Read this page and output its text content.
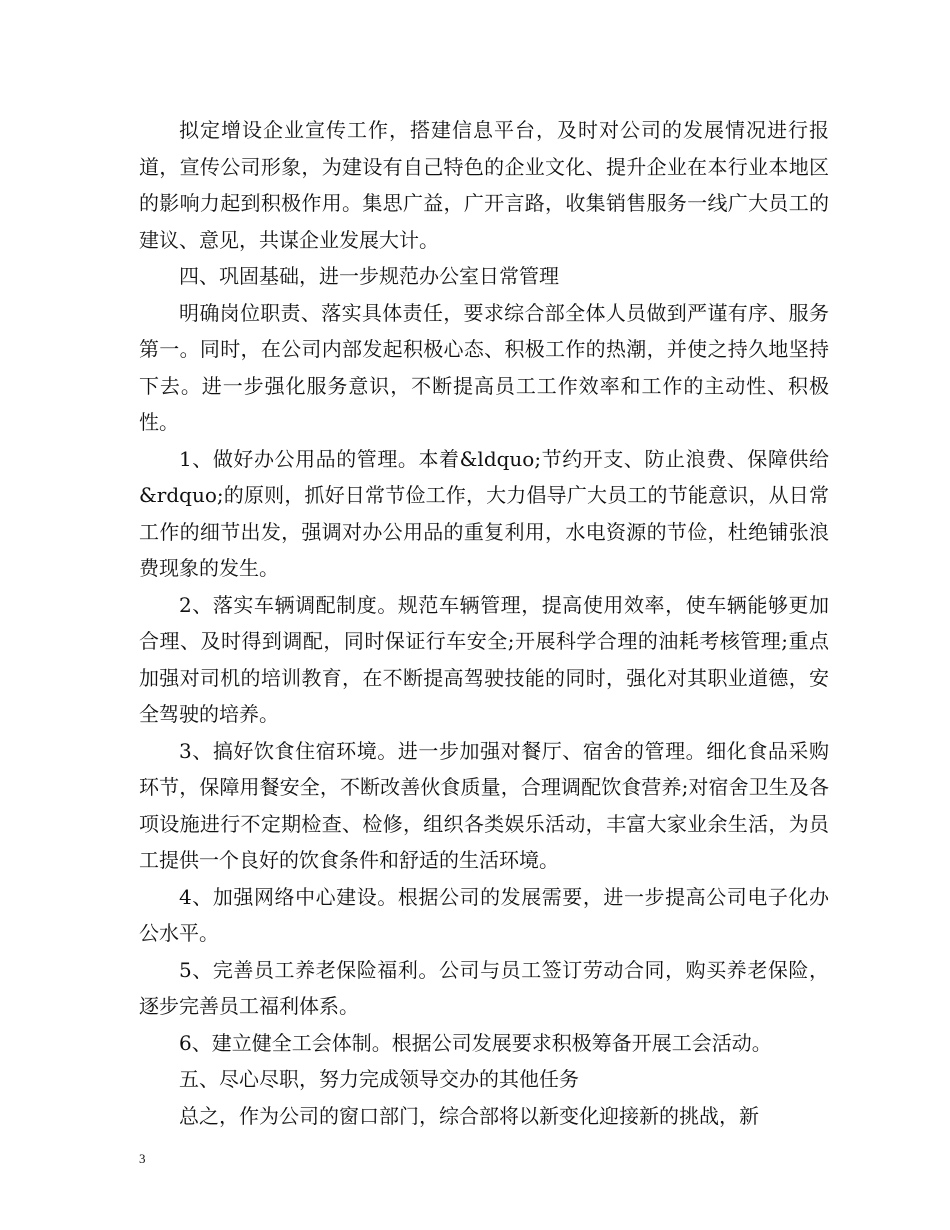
拟定增设企业宣传工作，搭建信息平台，及时对公司的发展情况进行报道，宣传公司形象，为建设有自己特色的企业文化、提升企业在本行业本地区的影响力起到积极作用。集思广益，广开言路，收集销售服务一线广大员工的建议、意见，共谋企业发展大计。

四、巩固基础，进一步规范办公室日常管理

明确岗位职责、落实具体责任，要求综合部全体人员做到严谨有序、服务第一。同时，在公司内部发起积极心态、积极工作的热潮，并使之持久地坚持下去。进一步强化服务意识，不断提高员工工作效率和工作的主动性、积极性。

1、做好办公用品的管理。本着&ldquo;节约开支、防止浪费、保障供给&rdquo;的原则，抓好日常节俭工作，大力倡导广大员工的节能意识，从日常工作的细节出发，强调对办公用品的重复利用，水电资源的节俭，杜绝铺张浪费现象的发生。

2、落实车辆调配制度。规范车辆管理，提高使用效率，使车辆能够更加合理、及时得到调配，同时保证行车安全;开展科学合理的油耗考核管理;重点加强对司机的培训教育，在不断提高驾驶技能的同时，强化对其职业道德，安全驾驶的培养。

3、搞好饮食住宿环境。进一步加强对餐厅、宿舍的管理。细化食品采购环节，保障用餐安全，不断改善伙食质量，合理调配饮食营养;对宿舍卫生及各项设施进行不定期检查、检修，组织各类娱乐活动，丰富大家业余生活，为员工提供一个良好的饮食条件和舒适的生活环境。

4、加强网络中心建设。根据公司的发展需要，进一步提高公司电子化办公水平。

5、完善员工养老保险福利。公司与员工签订劳动合同，购买养老保险，逐步完善员工福利体系。

6、建立健全工会体制。根据公司发展要求积极筹备开展工会活动。

五、尽心尽职，努力完成领导交办的其他任务

总之，作为公司的窗口部门，综合部将以新变化迎接新的挑战，新

3
